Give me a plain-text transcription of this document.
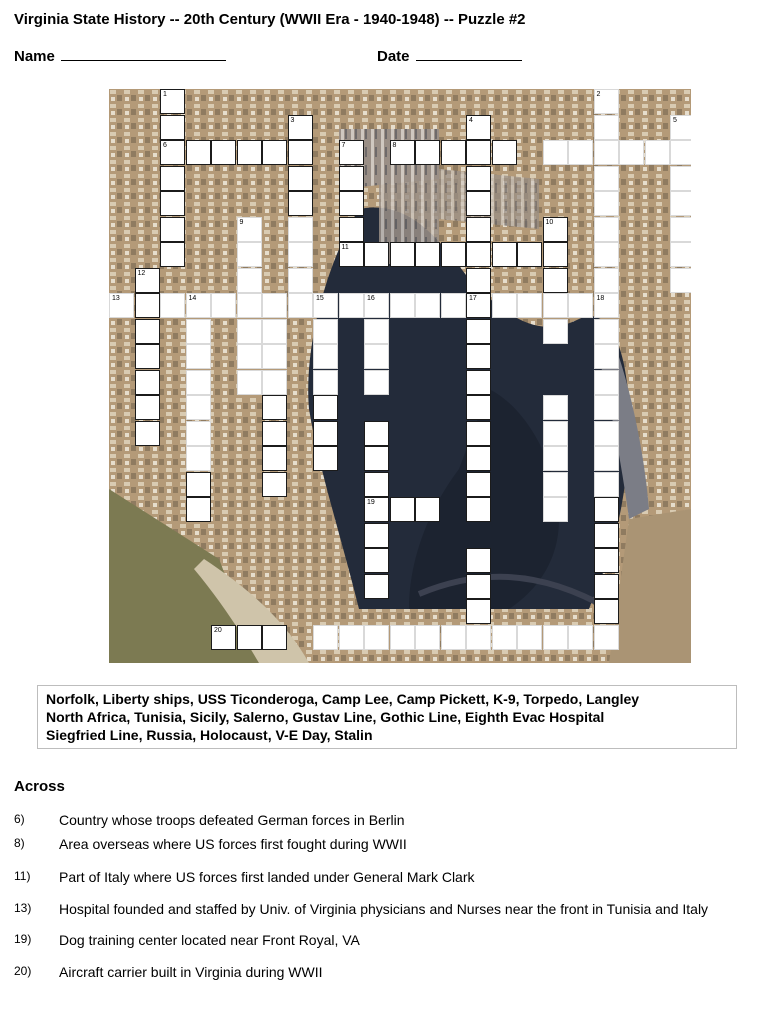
Virginia State History -- 20th Century (WWII Era - 1940-1948) -- Puzzle #2
Name	Date
6	8
11
13	14	15	16	17	18
19
20
1	2
3	4	5
7
9	10
12
Norfolk, Liberty ships, USS Ticonderoga, Camp Lee, Camp Pickett, K-9, Torpedo, Langley
North Africa, Tunisia, Sicily, Salerno, Gustav Line, Gothic Line, Eighth Evac Hospital
Siegfried Line, Russia, Holocaust, V-E Day, Stalin
Across
6) Country whose troops defeated German forces in Berlin
8) Area overseas where US forces first fought during WWII
11) Part of Italy where US forces first landed under General Mark Clark
13) Hospital founded and staffed by Univ. of Virginia physicians and Nurses near the front in Tunisia and Italy
19) Dog training center located near Front Royal, VA
20) Aircraft carrier built in Virginia during WWII
